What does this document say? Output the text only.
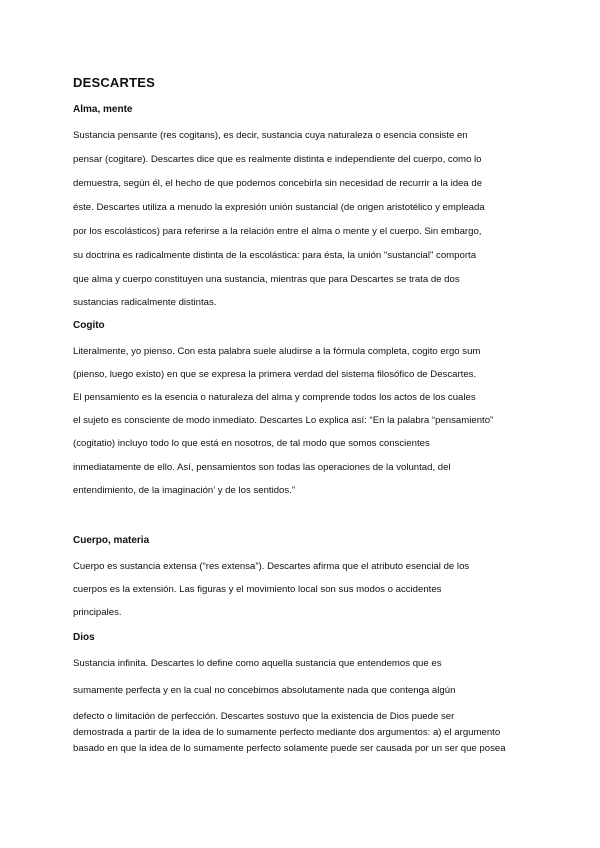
DESCARTES
Alma, mente
Sustancia pensante (res cogitans), es decir, sustancia cuya naturaleza o esencia consiste en
pensar (cogitare). Descartes dice que es realmente distinta e independiente del cuerpo, como lo
demuestra, según él, el hecho de que podemos concebirla sin necesidad de recurrir a la idea de
éste. Descartes utiliza a menudo la expresión unión sustancial (de origen aristotélico y empleada
por los escolásticos) para referirse a la relación entre el alma o mente y el cuerpo. Sin embargo,
su doctrina es radicalmente distinta de la escolástica: para ésta, la unión "sustancial" comporta
que alma y cuerpo constituyen una sustancia, mientras que para Descartes se trata de dos
sustancias radicalmente distintas.
Cogito
Literalmente, yo pienso. Con esta palabra suele aludirse a la fórmula completa, cogito ergo sum
(pienso, luego existo) en que se expresa la primera verdad del sistema filosófico de Descartes.
El pensamiento es la esencia o naturaleza del alma y comprende todos los actos de los cuales
el sujeto es consciente de modo inmediato. Descartes Lo explica así: “En la palabra “pensamiento”
(cogitatio) incluyo todo lo que está en nosotros, de tal modo que somos conscientes
inmediatamente de ello. Así, pensamientos son todas las operaciones de la voluntad, del
entendimiento, de la imaginación’ y de los sentidos.”
Cuerpo, materia
Cuerpo es sustancia extensa (“res extensa”). Descartes afirma que el atributo esencial de los
cuerpos es la extensión. Las figuras y el movimiento local son sus modos o accidentes
principales.
Dios
Sustancia infinita. Descartes lo define como aquella sustancia que entendemos que es
sumamente perfecta y en la cual no concebimos absolutamente nada que contenga algún
defecto o limitación de perfección. Descartes sostuvo que la existencia de Dios puede ser
demostrada a partir de la idea de lo sumamente perfecto mediante dos argumentos: a) el argumento
basado en que la idea de lo sumamente perfecto solamente puede ser causada por un ser que posea
